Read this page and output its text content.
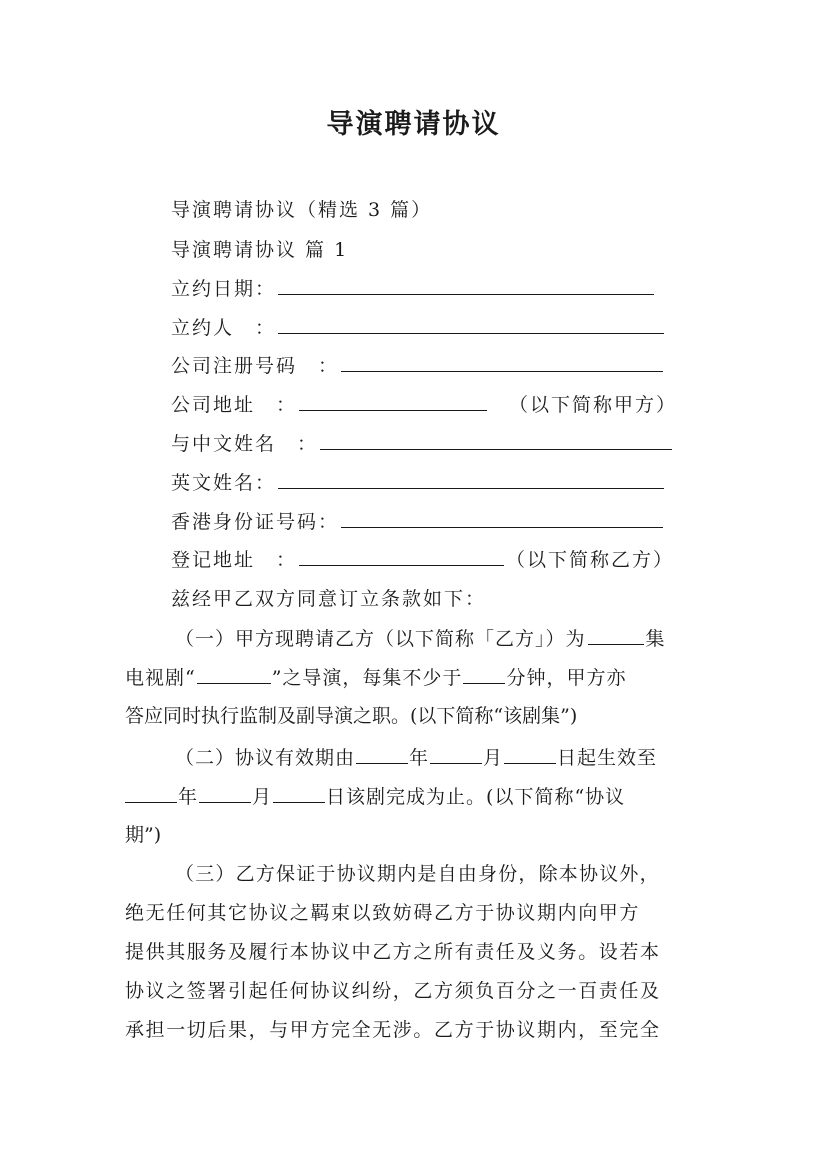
导演聘请协议
导演聘请协议（精选 3 篇）
导演聘请协议 篇 1
立约日期：
立约人　：
公司注册号码　：
公司地址　：	（以下简称甲方）
与中文姓名　：
英文姓名：
香港身份证号码：
登记地址　：	（以下简称乙方）
兹经甲乙双方同意订立条款如下：
（一）甲方现聘请乙方（以下简称「乙方」）为	集
电视剧“	”之导演，每集不少于 分钟，甲方亦
答应同时执行监制及副导演之职。(以下简称“该剧集”)
（二）协议有效期由	年	月	日起生效至
年	月	日该剧完成为止。(以下简称“协议
期”)
（三）乙方保证于协议期内是自由身份，除本协议外，
绝无任何其它协议之羁束以致妨碍乙方于协议期内向甲方
提供其服务及履行本协议中乙方之所有责任及义务。设若本
协议之签署引起任何协议纠纷，乙方须负百分之一百责任及
承担一切后果，与甲方完全无涉。乙方于协议期内，至完全
